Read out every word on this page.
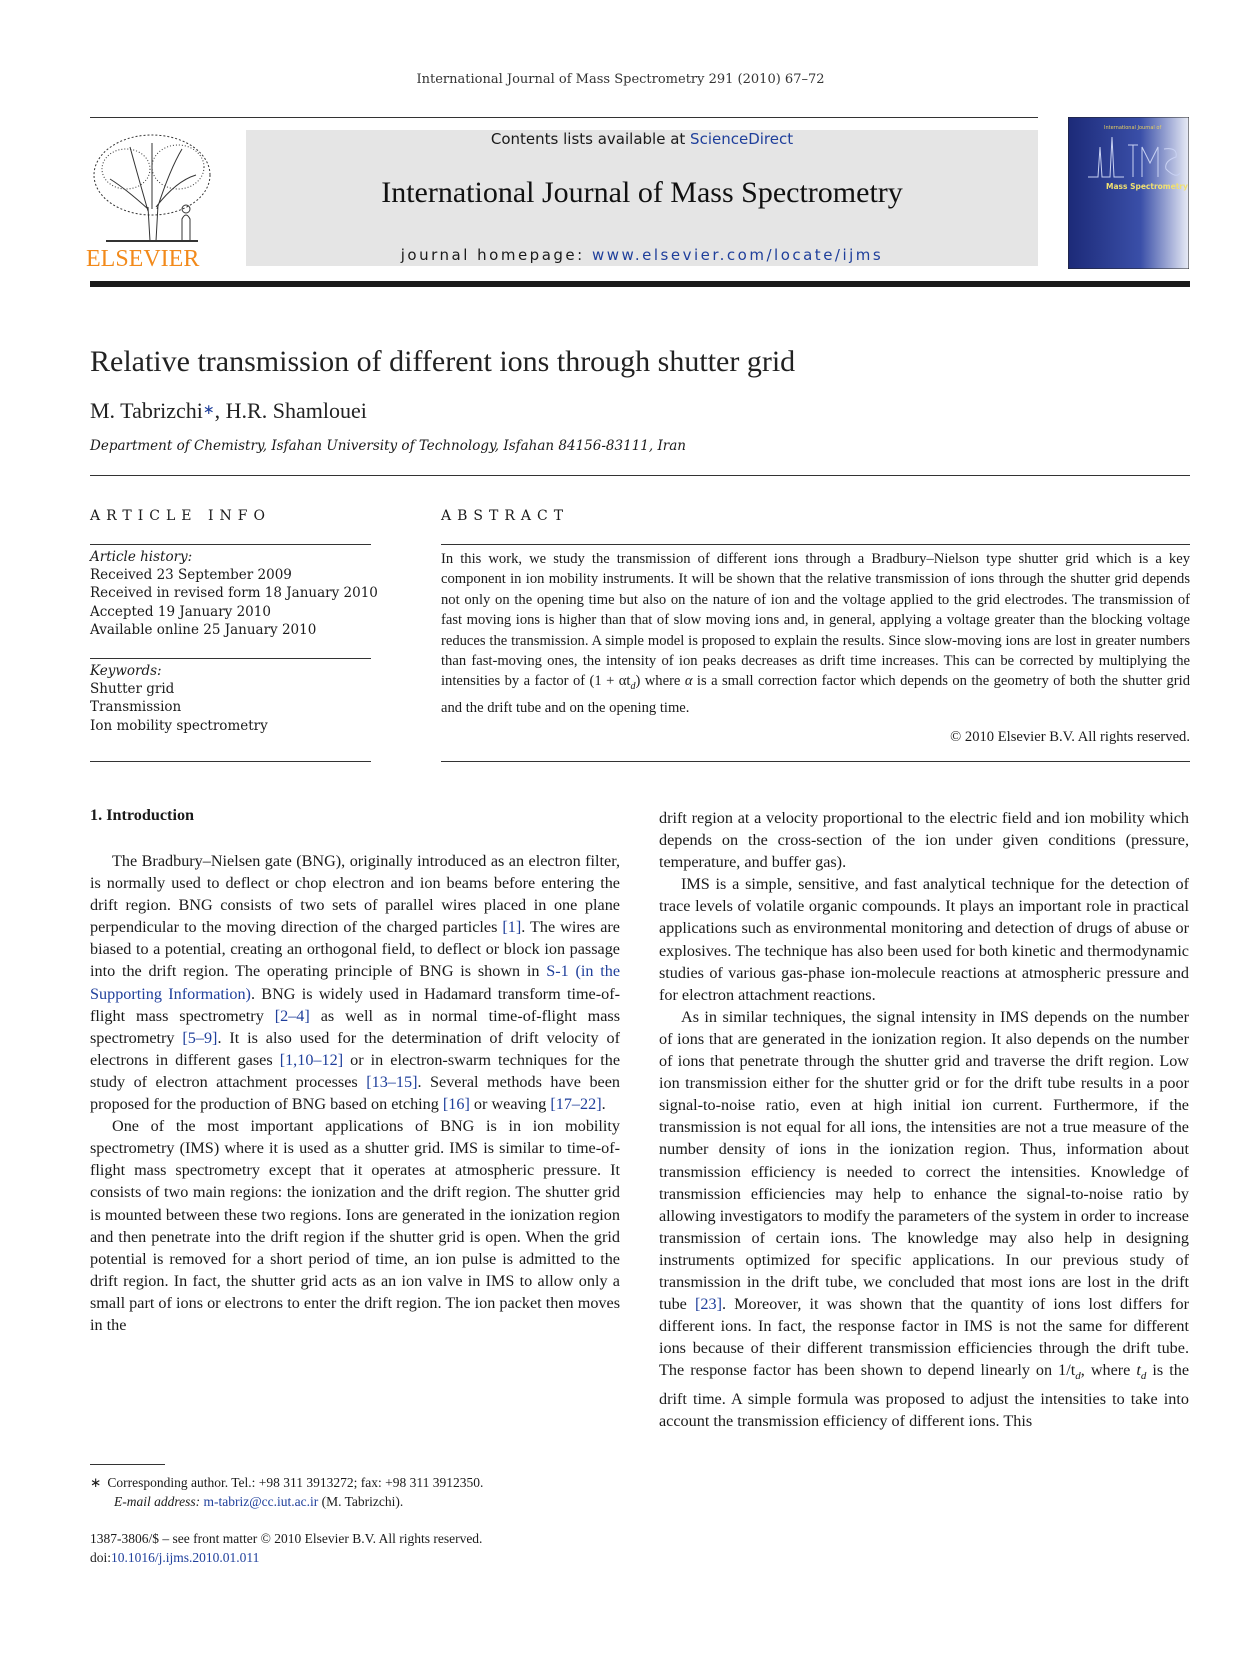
International Journal of Mass Spectrometry 291 (2010) 67–72
ELSEVIER
Contents lists available at ScienceDirect
International Journal of Mass Spectrometry
journal homepage: www.elsevier.com/locate/ijms
International Journal of
Mass Spectrometry
Relative transmission of different ions through shutter grid
M. Tabrizchi∗, H.R. Shamlouei
Department of Chemistry, Isfahan University of Technology, Isfahan 84156-83111, Iran
ARTICLE INFO	ABSTRACT
Article history:
Received 23 September 2009
Received in revised form 18 January 2010
Accepted 19 January 2010
Available online 25 January 2010
Keywords:
Shutter grid
Transmission
Ion mobility spectrometry
In this work, we study the transmission of different ions through a Bradbury–Nielson type shutter grid which is a key component in ion mobility instruments. It will be shown that the relative transmission of ions through the shutter grid depends not only on the opening time but also on the nature of ion and the voltage applied to the grid electrodes. The transmission of fast moving ions is higher than that of slow moving ions and, in general, applying a voltage greater than the blocking voltage reduces the transmission. A simple model is proposed to explain the results. Since slow-moving ions are lost in greater numbers than fast-moving ones, the intensity of ion peaks decreases as drift time increases. This can be corrected by multiplying the intensities by a factor of $(1 + \alpha t_d)$ where α is a small correction factor which depends on the geometry of both the shutter grid and the drift tube and on the opening time.
© 2010 Elsevier B.V. All rights reserved.
1. Introduction

The Bradbury–Nielsen gate (BNG), originally introduced as an electron filter, is normally used to deflect or chop electron and ion beams before entering the drift region. BNG consists of two sets of parallel wires placed in one plane perpendicular to the moving direction of the charged particles [1]. The wires are biased to a potential, creating an orthogonal field, to deflect or block ion passage into the drift region. The operating principle of BNG is shown in S-1 (in the Supporting Information). BNG is widely used in Hadamard transform time-of-flight mass spectrometry [2–4] as well as in normal time-of-flight mass spectrometry [5–9]. It is also used for the determination of drift velocity of electrons in different gases [1,10–12] or in electron-swarm techniques for the study of electron attachment processes [13–15]. Several methods have been proposed for the production of BNG based on etching [16] or weaving [17–22].

One of the most important applications of BNG is in ion mobility spectrometry (IMS) where it is used as a shutter grid. IMS is similar to time-of-flight mass spectrometry except that it operates at atmospheric pressure. It consists of two main regions: the ionization and the drift region. The shutter grid is mounted between these two regions. Ions are generated in the ionization region and then penetrate into the drift region if the shutter grid is open. When the grid potential is removed for a short period of time, an ion pulse is admitted to the drift region. In fact, the shutter grid acts as an ion valve in IMS to allow only a small part of ions or electrons to enter the drift region. The ion packet then moves in the

drift region at a velocity proportional to the electric field and ion mobility which depends on the cross-section of the ion under given conditions (pressure, temperature, and buffer gas).

IMS is a simple, sensitive, and fast analytical technique for the detection of trace levels of volatile organic compounds. It plays an important role in practical applications such as environmental monitoring and detection of drugs of abuse or explosives. The technique has also been used for both kinetic and thermodynamic studies of various gas-phase ion-molecule reactions at atmospheric pressure and for electron attachment reactions.

As in similar techniques, the signal intensity in IMS depends on the number of ions that are generated in the ionization region. It also depends on the number of ions that penetrate through the shutter grid and traverse the drift region. Low ion transmission either for the shutter grid or for the drift tube results in a poor signal-to-noise ratio, even at high initial ion current. Furthermore, if the transmission is not equal for all ions, the intensities are not a true measure of the number density of ions in the ionization region. Thus, information about transmission efficiency is needed to correct the intensities. Knowledge of transmission efficiencies may help to enhance the signal-to-noise ratio by allowing investigators to modify the parameters of the system in order to increase transmission of certain ions. The knowledge may also help in designing instruments optimized for specific applications. In our previous study of transmission in the drift tube, we concluded that most ions are lost in the drift tube [23]. Moreover, it was shown that the quantity of ions lost differs for different ions. In fact, the response factor in IMS is not the same for different ions because of their different transmission efficiencies through the drift tube. The response factor has been shown to depend linearly on $1/t_d$, where $t_d$ is the drift time. A simple formula was proposed to adjust the intensities to take into account the transmission efficiency of different ions. This

∗ Corresponding author. Tel.: +98 311 3913272; fax: +98 311 3912350.
E-mail address: m-tabriz@cc.iut.ac.ir (M. Tabrizchi).
1387-3806/$ – see front matter © 2010 Elsevier B.V. All rights reserved.
doi:10.1016/j.ijms.2010.01.011
